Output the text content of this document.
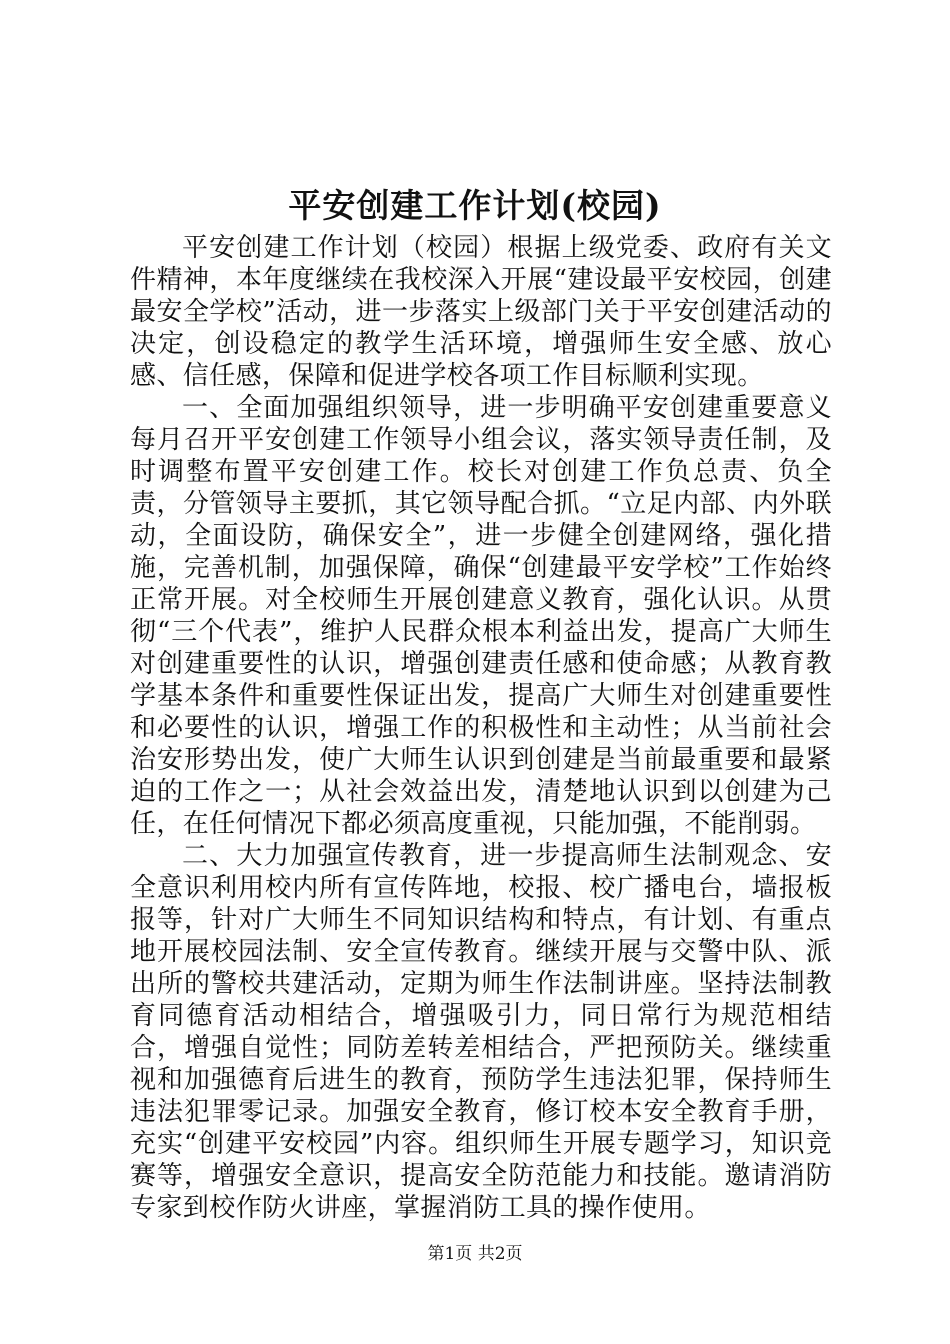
平安创建工作计划(校园)

平安创建工作计划（校园）根据上级党委、政府有关文件精神，本年度继续在我校深入开展“建设最平安校园，创建最安全学校”活动，进一步落实上级部门关于平安创建活动的决定，创设稳定的教学生活环境，增强师生安全感、放心感、信任感，保障和促进学校各项工作目标顺利实现。

一、全面加强组织领导，进一步明确平安创建重要意义每月召开平安创建工作领导小组会议，落实领导责任制，及时调整布置平安创建工作。校长对创建工作负总责、负全责，分管领导主要抓，其它领导配合抓。“立足内部、内外联动，全面设防，确保安全”，进一步健全创建网络，强化措施，完善机制，加强保障，确保“创建最平安学校”工作始终正常开展。对全校师生开展创建意义教育，强化认识。从贯彻“三个代表”，维护人民群众根本利益出发，提高广大师生对创建重要性的认识，增强创建责任感和使命感；从教育教学基本条件和重要性保证出发，提高广大师生对创建重要性和必要性的认识，增强工作的积极性和主动性；从当前社会治安形势出发，使广大师生认识到创建是当前最重要和最紧迫的工作之一；从社会效益出发，清楚地认识到以创建为己任，在任何情况下都必须高度重视，只能加强，不能削弱。

二、大力加强宣传教育，进一步提高师生法制观念、安全意识利用校内所有宣传阵地，校报、校广播电台，墙报板报等，针对广大师生不同知识结构和特点，有计划、有重点地开展校园法制、安全宣传教育。继续开展与交警中队、派出所的警校共建活动，定期为师生作法制讲座。坚持法制教育同德育活动相结合，增强吸引力，同日常行为规范相结合，增强自觉性；同防差转差相结合，严把预防关。继续重视和加强德育后进生的教育，预防学生违法犯罪，保持师生违法犯罪零记录。加强安全教育，修订校本安全教育手册，充实“创建平安校园”内容。组织师生开展专题学习，知识竞赛等，增强安全意识，提高安全防范能力和技能。邀请消防专家到校作防火讲座，掌握消防工具的操作使用。

第1页 共2页
